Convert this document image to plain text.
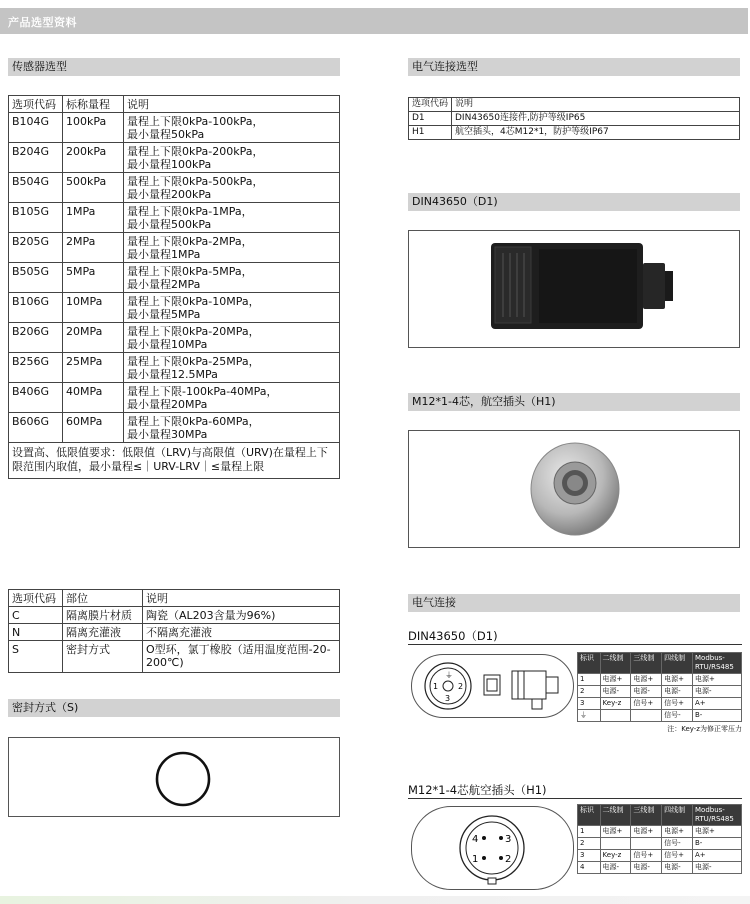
产品选型资料
传感器选型
选项代码	标称量程	说明
B104G	100kPa	量程上下限0kPa-100kPa，
最小量程50kPa

B204G	200kPa	量程上下限0kPa-200kPa，
最小量程100kPa

B504G	500kPa	量程上下限0kPa-500kPa，
最小量程200kPa

B105G	1MPa	量程上下限0kPa-1MPa，
最小量程500kPa

B205G	2MPa	量程上下限0kPa-2MPa，
最小量程1MPa

B505G	5MPa	量程上下限0kPa-5MPa，
最小量程2MPa

B106G	10MPa	量程上下限0kPa-10MPa，
最小量程5MPa

B206G	20MPa	量程上下限0kPa-20MPa，
最小量程10MPa

B256G	25MPa	量程上下限0kPa-25MPa，
最小量程12.5MPa

B406G	40MPa	量程上下限-100kPa-40MPa，
最小量程20MPa

B606G	60MPa	量程上下限0kPa-60MPa，
最小量程30MPa

设置高、低限值要求：低限值（LRV)与高限值（URV)在量程上下限范围内取值，最小量程≤｜URV-LRV｜≤量程上限		
选项代码	部位	说明
C	隔离膜片材质	陶瓷（AL203含量为96%)
N	隔离充灌液	不隔离充灌液
S	密封方式	O型环，氯丁橡胶（适用温度范围-20-200℃)
密封方式（S)
电气连接选型
选项代码	说明
D1	DIN43650连接件,防护等级IP65
H1	航空插头，4芯M12*1，防护等级IP67
DIN43650（D1)
M12*1-4芯，航空插头（H1)
电气连接
DIN43650（D1)
⏚
1 2
3
标识	二线制	三线制	四线制	Modbus-RTU/RS485
1	电源+	电源+	电源+	电源+
2	电源-	电源-	电源-	电源-
3	Key-z	信号+	信号+	A+
⏚			信号-	B-
注：Key-z为修正零压力
M12*1-4芯航空插头（H1)
4	3
1	2
标识	二线制	三线制	四线制	Modbus-RTU/RS485
1	电源+	电源+	电源+	电源+
2			信号-	B-
3	Key-z	信号+	信号+	A+
4	电源-	电源-	电源-	电源-
